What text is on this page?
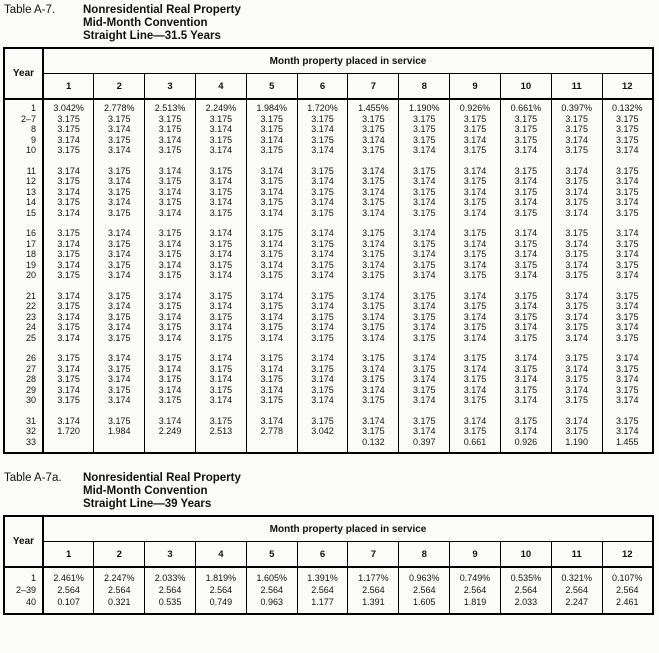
Table A-7.	Nonresidential Real Property
Mid-Month Convention
Straight Line—31.5 Years
Year	Month property placed in service											
	1	2	3	4	5	6	7	8	9	10	11	12
1	3.042%	2.778%	2.513%	2.249%	1.984%	1.720%	1.455%	1.190%	0.926%	0.661%	0.397%	0.132%
2–7	3.175	3.175	3.175	3.175	3.175	3.175	3.175	3.175	3.175	3.175	3.175	3.175
8	3.175	3.174	3.175	3.174	3.175	3.174	3.175	3.175	3.175	3.175	3.175	3.175
9	3.174	3.175	3.174	3.175	3.174	3.175	3.174	3.175	3.174	3.175	3.174	3.175
10	3.175	3.174	3.175	3.174	3.175	3.174	3.175	3.174	3.175	3.174	3.175	3.174
11	3.174	3.175	3.174	3.175	3.174	3.175	3.174	3.175	3.174	3.175	3.174	3.175
12	3.175	3.174	3.175	3.174	3.175	3.174	3.175	3.174	3.175	3.174	3.175	3.174
13	3.174	3.175	3.174	3.175	3.174	3.175	3.174	3.175	3.174	3.175	3.174	3.175
14	3.175	3.174	3.175	3.174	3.175	3.174	3.175	3.174	3.175	3.174	3.175	3.174
15	3.174	3.175	3.174	3.175	3.174	3.175	3.174	3.175	3.174	3.175	3.174	3.175
16	3.175	3.174	3.175	3.174	3.175	3.174	3.175	3.174	3.175	3.174	3.175	3.174
17	3.174	3.175	3.174	3.175	3.174	3.175	3.174	3.175	3.174	3.175	3.174	3.175
18	3.175	3.174	3.175	3.174	3.175	3.174	3.175	3.174	3.175	3.174	3.175	3.174
19	3.174	3.175	3.174	3.175	3.174	3.175	3.174	3.175	3.174	3.175	3.174	3.175
20	3.175	3.174	3.175	3.174	3.175	3.174	3.175	3.174	3.175	3.174	3.175	3.174
21	3.174	3.175	3.174	3.175	3.174	3.175	3.174	3.175	3.174	3.175	3.174	3.175
22	3.175	3.174	3.175	3.174	3.175	3.174	3.175	3.174	3.175	3.174	3.175	3.174
23	3.174	3.175	3.174	3.175	3.174	3.175	3.174	3.175	3.174	3.175	3.174	3.175
24	3.175	3.174	3.175	3.174	3.175	3.174	3.175	3.174	3.175	3.174	3.175	3.174
25	3.174	3.175	3.174	3.175	3.174	3.175	3.174	3.175	3.174	3.175	3.174	3.175
26	3.175	3.174	3.175	3.174	3.175	3.174	3.175	3.174	3.175	3.174	3.175	3.174
27	3.174	3.175	3.174	3.175	3.174	3.175	3.174	3.175	3.174	3.175	3.174	3.175
28	3.175	3.174	3.175	3.174	3.175	3.174	3.175	3.174	3.175	3.174	3.175	3.174
29	3.174	3.175	3.174	3.175	3.174	3.175	3.174	3.175	3.174	3.175	3.174	3.175
30	3.175	3.174	3.175	3.174	3.175	3.174	3.175	3.174	3.175	3.174	3.175	3.174
31	3.174	3.175	3.174	3.175	3.174	3.175	3.174	3.175	3.174	3.175	3.174	3.175
32	1.720	1.984	2.249	2.513	2.778	3.042	3.175	3.174	3.175	3.174	3.175	3.174
33							0.132	0.397	0.661	0.926	1.190	1.455
Table A-7a.	Nonresidential Real Property
Mid-Month Convention
Straight Line—39 Years
Year	Month property placed in service											
	1	2	3	4	5	6	7	8	9	10	11	12
1	2.461%	2.247%	2.033%	1.819%	1.605%	1.391%	1.177%	0.963%	0.749%	0.535%	0.321%	0.107%
2–39	2.564	2.564	2.564	2.564	2.564	2.564	2.564	2.564	2.564	2.564	2.564	2.564
40	0.107	0.321	0.535	0.749	0.963	1.177	1.391	1.605	1.819	2.033	2.247	2.461
